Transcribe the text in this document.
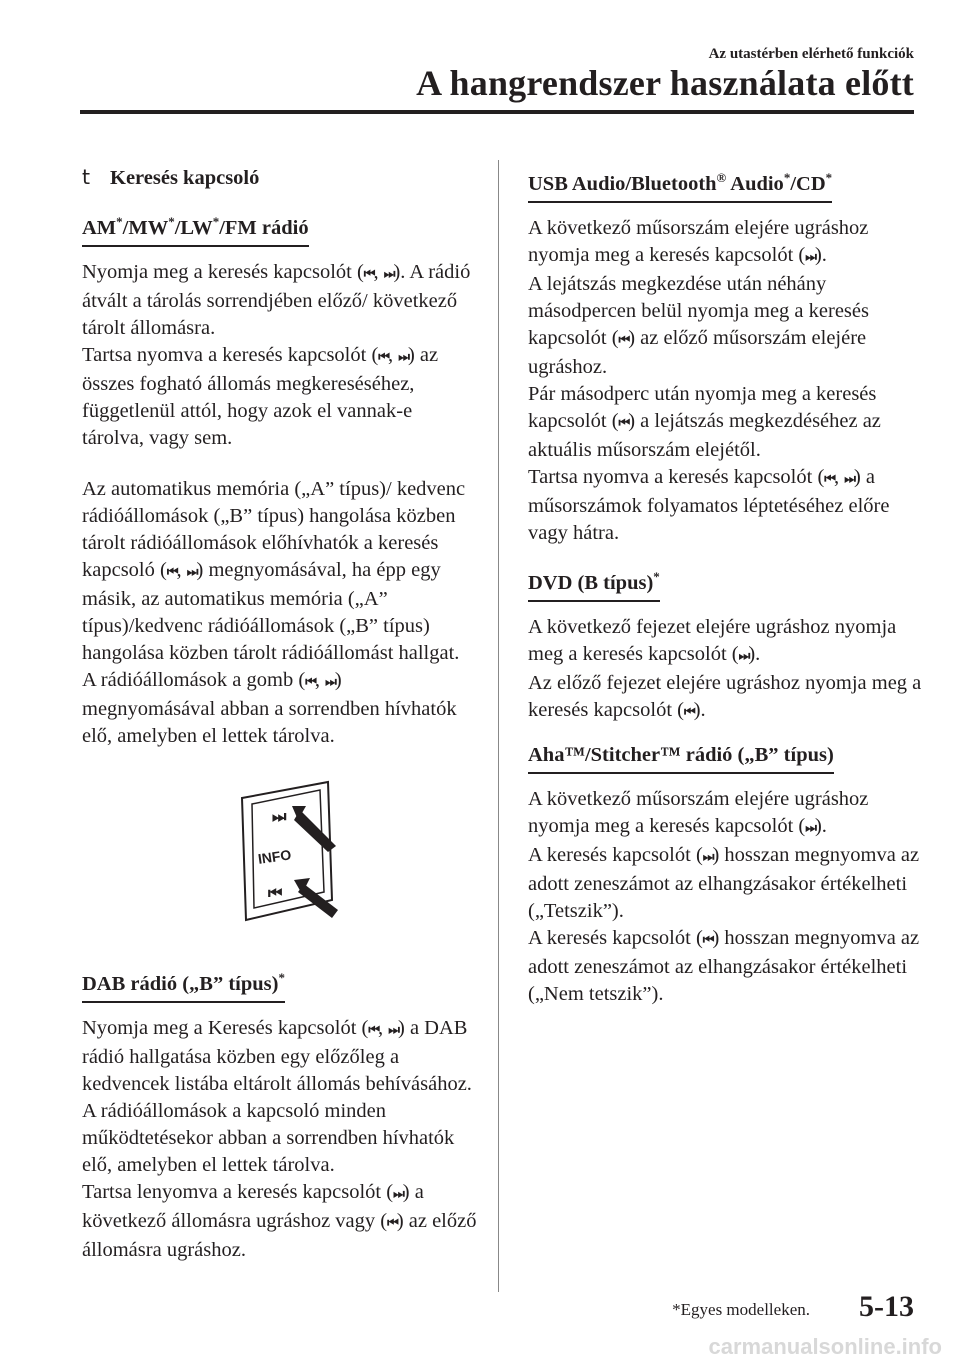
Az utastérben elérhető funkciók
A hangrendszer használata előtt

t Keresés kapcsoló

AM*/MW*/LW*/FM rádió

Nyomja meg a keresés kapcsolót (⏮, ⏭). A rádió átvált a tárolás sorrendjében előző/ következő tárolt állomásra.

Tartsa nyomva a keresés kapcsolót (⏮, ⏭) az összes fogható állomás megkereséséhez, függetlenül attól, hogy azok el vannak-e tárolva, vagy sem.

Az automatikus memória („A” típus)/ kedvenc rádióállomások („B” típus) hangolása közben tárolt rádióállomások előhívhatók a keresés kapcsoló (⏮, ⏭) megnyomásával, ha épp egy másik, az automatikus memória („A” típus)/kedvenc rádióállomások („B” típus) hangolása közben tárolt rádióállomást hallgat. A rádióállomások a gomb (⏮, ⏭) megnyomásával abban a sorrendben hívhatók elő, amelyben el lettek tárolva.

⏭
INFO
⏮
DAB rádió („B” típus)*

Nyomja meg a Keresés kapcsolót (⏮, ⏭) a DAB rádió hallgatása közben egy előzőleg a kedvencek listába eltárolt állomás behívásához. A rádióállomások a kapcsoló minden működtetésekor abban a sorrendben hívhatók elő, amelyben el lettek tárolva.

Tartsa lenyomva a keresés kapcsolót (⏭) a következő állomásra ugráshoz vagy (⏮) az előző állomásra ugráshoz.

USB Audio/Bluetooth® Audio*/CD*

A következő műsorszám elejére ugráshoz nyomja meg a keresés kapcsolót (⏭).

A lejátszás megkezdése után néhány másodpercen belül nyomja meg a keresés kapcsolót (⏮) az előző műsorszám elejére ugráshoz.

Pár másodperc után nyomja meg a keresés kapcsolót (⏮) a lejátszás megkezdéséhez az aktuális műsorszám elejétől.

Tartsa nyomva a keresés kapcsolót (⏮, ⏭) a műsorszámok folyamatos léptetéséhez előre vagy hátra.

DVD (B típus)*

A következő fejezet elejére ugráshoz nyomja meg a keresés kapcsolót (⏭).

Az előző fejezet elejére ugráshoz nyomja meg a keresés kapcsolót (⏮).

Aha™/Stitcher™ rádió („B” típus)

A következő műsorszám elejére ugráshoz nyomja meg a keresés kapcsolót (⏭).

A keresés kapcsolót (⏭) hosszan megnyomva az adott zeneszámot az elhangzásakor értékelheti („Tetszik”).

A keresés kapcsolót (⏮) hosszan megnyomva az adott zeneszámot az elhangzásakor értékelheti („Nem tetszik”).

*Egyes modelleken. 5-13
carmanualsonline.info
